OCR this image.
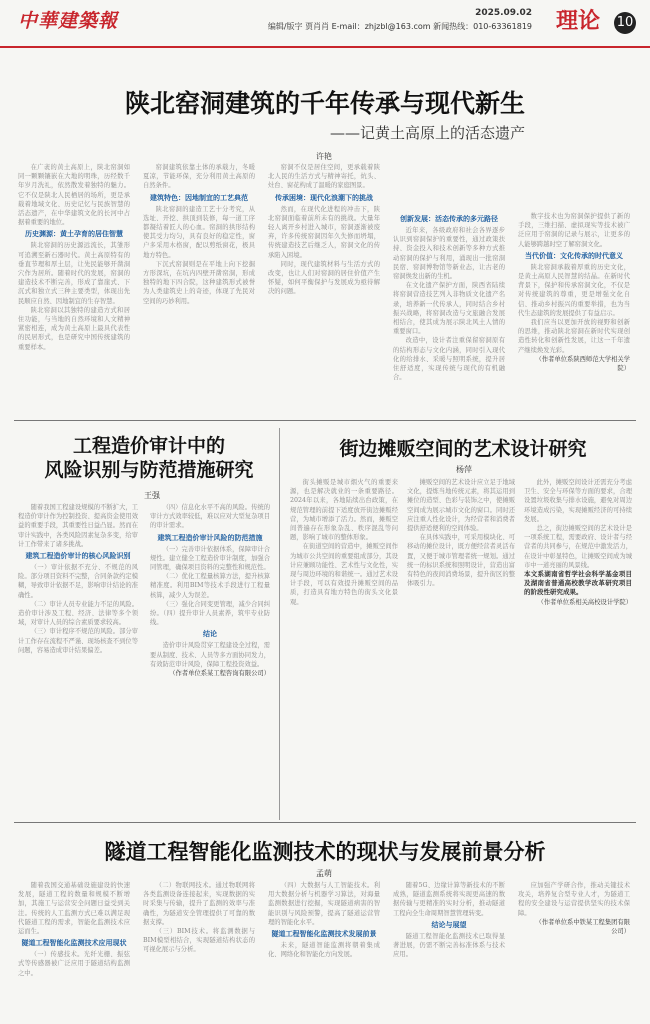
中華建築報	2025.09.02
编辑/版字 贾肖肖 E-mail：zhjzbl@163.com 新闻热线：010-63361819 理论 10
陕北窑洞建筑的千年传承与现代新生
——记黄土高原上的活态遗产
许艳

在广袤的黄土高原上，陕北窑洞如同一颗颗镶嵌在大地的明珠，历经数千年岁月洗礼，依然散发着独特的魅力。它不仅是陕北人民栖居的场所，更是承载着地域文化、历史记忆与民族智慧的活态遗产，在中华建筑文化的长河中占据着重要的地位。

历史渊源：黄土孕育的居住智慧

陕北窑洞的历史源远流长，其雏形可追溯至新石器时代。黄土高原特有的垂直节理和厚土层，让先民能够开凿洞穴作为居所。随着时代的发展，窑洞的建造技术不断完善，形成了靠崖式、下沉式和独立式三种主要类型，体现出先民顺应自然、因地制宜的生存智慧。

陕北窑洞以其独特的建造方式和居住功能，与当地的自然环境和人文精神紧密相连，成为黄土高原上最具代表性的民居形式，也是研究中国传统建筑的重要样本。

窑洞建筑依靠土体的承载力，冬暖夏凉，节能环保，充分利用黄土高原的自然条件。

建筑特色：因地制宜的工艺典范

陕北窑洞的建造工艺十分考究，从选址、开挖、拱顶到装修，每一道工序都凝结着匠人的心血。窑洞的拱形结构使其受力均匀，具有良好的稳定性，窗户多采用木格窗，配以剪纸窗花，极具地方特色。

下沉式窑洞则是在平地上向下挖掘方形深坑，在坑内四壁开凿窑洞，形成独特的地下四合院，这种建筑形式被誉为人类建筑史上的奇迹，体现了先民对空间的巧妙利用。

窑洞不仅是居住空间，更承载着陕北人民的生活方式与精神寄托，炕头、灶台、窗花构成了温暖的家庭图景。

传承困境：现代化浪潮下的挑战

然而，在现代化进程的冲击下，陕北窑洞面临着前所未有的挑战。大量年轻人离开乡村进入城市，窑洞逐渐被废弃，许多传统窑洞因年久失修而坍塌，传统建造技艺后继乏人，窑洞文化的传承陷入困境。

同时，现代建筑材料与生活方式的改变，也让人们对窑洞的居住价值产生怀疑，如何平衡保护与发展成为亟待解决的问题。

创新发展：活态传承的多元路径

近年来，各级政府和社会各界逐步认识到窑洞保护的重要性，通过政策扶持、资金投入和技术创新等多种方式推动窑洞的保护与利用，涌现出一批窑洞民宿、窑洞博物馆等新业态，让古老的窑洞焕发出新的生机。

在文化遗产保护方面，陕西省陆续将窑洞营造技艺列入非物质文化遗产名录，培养新一代传承人，同时结合乡村振兴战略，将窑洞改造与文旅融合发展相结合，使其成为展示陕北风土人情的重要窗口。

改造中，设计者注重保留窑洞原有的结构形态与文化内涵，同时引入现代化的给排水、采暖与照明系统，提升居住舒适度，实现传统与现代的有机融合。

数字技术也为窑洞保护提供了新的手段，三维扫描、虚拟现实等技术被广泛应用于窑洞的记录与展示，让更多的人能够跨越时空了解窑洞文化。

当代价值：文化传承的时代意义

陕北窑洞承载着厚重的历史文化，是黄土高原人民智慧的结晶。在新时代背景下，保护和传承窑洞文化，不仅是对传统建筑的尊重，更是增强文化自信、推动乡村振兴的重要举措，也为当代生态建筑的发展提供了有益启示。

我们应当以更加开放的视野和创新的思维，推动陕北窑洞在新时代实现创造性转化和创新性发展，让这一千年遗产继续焕发光彩。

（作者单位系陕西师范大学相关学院）

工程造价审计中的
风险识别与防范措施研究
王强

随着我国工程建设规模的不断扩大，工程造价审计作为控制投资、提高资金使用效益的重要手段，其重要性日益凸显。然而在审计实践中，各类风险因素复杂多变，给审计工作带来了诸多挑战。

建筑工程造价审计的核心风险识别

（一）审计依据不充分、不规范的风险。部分项目资料不完整，合同条款约定模糊，导致审计依据不足，影响审计结论的准确性。

（二）审计人员专业能力不足的风险。造价审计涉及工程、经济、法律等多个领域，对审计人员的综合素质要求较高。

（三）审计程序不规范的风险。部分审计工作存在流程不严谨、现场核查不到位等问题，容易造成审计结果偏差。

（四）信息化水平不高的风险。传统的审计方式效率较低，难以应对大型复杂项目的审计需求。

建筑工程造价审计风险的防范措施

（一）完善审计依据体系，保障审计合规性。建立健全工程造价审计制度，加强合同管理，确保项目资料的完整性和规范性。

（二）优化工程量核算方法，提升核算精准度。利用BIM等技术手段进行工程量核算，减少人为误差。

（三）强化合同变更管理，减少合同纠纷。（四）提升审计人员素养，筑牢专业防线。

结论

造价审计风险贯穿工程建设全过程，需要从制度、技术、人员等多方面协同发力，有效防范审计风险，保障工程投资效益。

（作者单位系某工程咨询有限公司）

街边摊贩空间的艺术设计研究
杨萍

街头摊贩是城市烟火气的重要来源，也是解决就业的一条重要路径。2024年以来，各地陆续出台政策，在规范管理的前提下适度放开街边摊贩经营，为城市增添了活力。然而，摊贩空间普遍存在形象杂乱、秩序混乱等问题，影响了城市的整体形象。

在街道空间的营造中，摊贩空间作为城市公共空间的重要组成部分，其设计应兼顾功能性、艺术性与文化性，实现与周边环境的和谐统一。通过艺术设计手段，可以有效提升摊贩空间的品质，打造具有地方特色的街头文化景观。

摊贩空间的艺术设计应立足于地域文化，提炼当地传统元素，将其运用到摊位的造型、色彩与装饰之中，使摊贩空间成为展示城市文化的窗口。同时还应注重人性化设计，为经营者和消费者提供舒适便利的空间体验。

在具体实践中，可采用模块化、可移动的摊位设计，既方便经营者灵活布置，又便于城市管理者统一规划。通过统一的标识系统和照明设计，营造出富有特色的夜间消费场景，提升街区的整体吸引力。

此外，摊贩空间设计还需充分考虑卫生、安全与环保等方面的要求，合理设置垃圾收集与排水设施，避免对周边环境造成污染，实现摊贩经济的可持续发展。

总之，街边摊贩空间的艺术设计是一项系统工程，需要政府、设计者与经营者的共同参与，在规范中激发活力，在设计中彰显特色，让摊贩空间成为城市中一道亮丽的风景线。

本文系湖南省哲学社会科学基金项目及湖南省普通高校教学改革研究项目的阶段性研究成果。

（作者单位系相关高校设计学院）

隧道工程智能化监测技术的现状与发展前景分析
孟萌

随着我国交通基础设施建设的快速发展，隧道工程的数量和规模不断增加，其施工与运营安全问题日益受到关注。传统的人工监测方式已难以满足现代隧道工程的需求，智能化监测技术应运而生。

隧道工程智能化监测技术应用现状

（一）传感技术。光纤光栅、振弦式等传感器被广泛应用于隧道结构监测之中。

（二）物联网技术。通过物联网将各类监测设备连接起来，实现数据的实时采集与传输，提升了监测的效率与准确性，为隧道安全管理提供了可靠的数据支撑。

（三）BIM技术。将监测数据与BIM模型相结合，实现隧道结构状态的可视化展示与分析。

（四）大数据与人工智能技术。利用大数据分析与机器学习算法，对海量监测数据进行挖掘，实现隧道病害的智能识别与风险预警，提高了隧道运营管理的智能化水平。

隧道工程智能化监测技术发展前景

未来，隧道智能监测将朝着集成化、网络化和智能化方向发展。

随着5G、边缘计算等新技术的不断成熟，隧道监测系统将实现更高速的数据传输与更精准的实时分析，推动隧道工程向全生命周期智慧管理转变。

结论与展望

隧道工程智能化监测技术已取得显著进展，仍需不断完善标准体系与技术应用。

应加强产学研合作，推动关键技术攻关，培养复合型专业人才，为隧道工程的安全建设与运营提供坚实的技术保障。

（作者单位系中铁某工程集团有限公司）
